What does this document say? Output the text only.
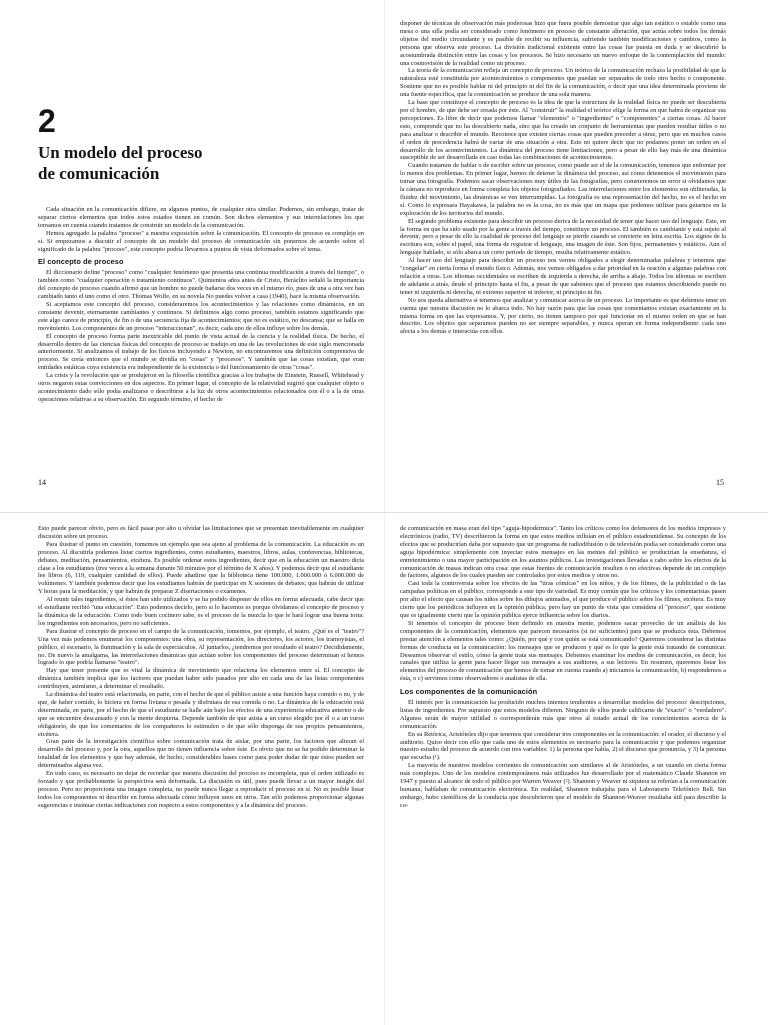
2
Un modelo del proceso
de comunicación

Cada situación en la comunicación difiere, en algunos puntos, de cualquier otra similar. Podemos, sin embargo, tratar de separar ciertos elementos que todos estos estados tienen en común. Son dichos elementos y sus interrelaciones los que tomamos en cuenta cuando tratamos de construir un modelo de la comunicación.

Hemos agregado la palabra "proceso" a nuestra exposición sobre la comunicación. El concepto de proceso es complejo en sí. Si empezamos a discutir el concepto de un modelo del proceso de comunicación sin ponernos de acuerdo sobre el significado de la palabra "proceso", este concepto podría llevarnos a puntos de vista deformados sobre el tema.

El concepto de proceso

El diccionario define "proceso" como "cualquier fenómeno que presenta una continua modificación a través del tiempo", o también como "cualquier operación o tratamiento continuos". Quinientos años antes de Cristo, Heráclito señaló la importancia del concepto de proceso cuando afirmó que un hombre no puede bañarse dos veces en el mismo río, pues de una a otra vez han cambiado tanto el uno como el otro. Thomas Wolfe, en su novela No puedes volver a casa (1940), hace la misma observación.

Si aceptamos este concepto del proceso, consideraremos los acontecimientos y las relaciones como dinámicos, en un constante devenir, eternamente cambiantes y continuos. Si definimos algo como proceso, también estamos significando que este algo carece de principio, de fin o de una secuencia fija de acontecimientos; que no es estático, no descansa; que se halla en movimiento. Los componentes de un proceso "interaccionan", es decir, cada uno de ellos influye sobre los demás.

El concepto de proceso forma parte inextricable del punto de vista actual de la ciencia y la realidad física. De hecho, el desarrollo dentro de las ciencias físicas del concepto de proceso se tradujo en una de las revoluciones de este siglo mencionada anteriormente. Si analizamos el trabajo de los físicos incluyendo a Newton, no encontraremos una definición comprensiva de proceso. Se creía entonces que el mundo se dividía en "cosas" y "procesos". Y también que las cosas existían, que eran entidades estáticas cuya existencia era independiente de la existencia o del funcionamiento de otras "cosas".

La crisis y la revolución que se produjeron en la filosofía científica gracias a los trabajos de Einstein, Russell, Whitehead y otros negaron estas convicciones en dos aspectos. En primer lugar, el concepto de la relatividad sugirió que cualquier objeto o acontecimiento dado sólo podía analizarse o describirse a la luz de otros acontecimientos relacionados con él o a la de otras operaciones relativas a su observación. En segundo término, el hecho de

14

disponer de técnicas de observación más poderosas hizo que fuera posible demostrar que algo tan estático o estable como una mesa o una silla podía ser considerado como fenómeno en proceso de constante alteración, que actúa sobre todos los demás objetos del medio circundante y es pasible de recibir su influencia, sufriendo también modificaciones y cambios, como la persona que observa este proceso. La división tradicional existente entre las cosas fue puesta en duda y se descubrió la acostumbrada distinción entre las cosas y los procesos. Se hizo necesario un nuevo enfoque de la contemplación del mundo: una cosmovisión de la realidad como un proceso.

La teoría de la comunicación refleja un concepto de proceso. Un teórico de la comunicación rechaza la posibilidad de que la naturaleza esté constituida por acontecimientos o componentes que puedan ser separados de todo otro hecho o componente. Sostiene que no es posible hablar ni del principio ni del fin de la comunicación, o decir que una idea determinada proviene de una fuente específica, que la comunicación se produce de una sola manera.

La base que constituye el concepto de proceso es la idea de que la estructura de la realidad física no puede ser descubierta por el hombre, de que debe ser creada por éste. Al "construir" la realidad el teórico elige la forma en que habrá de organizar sus percepciones. Es libre de decir que podemos llamar "elementos" o "ingredientes" o "componentes" a ciertas cosas. Al hacer esto, comprende que no ha descubierto nada, sino que ha creado un conjunto de herramientas que pueden resultar útiles o no para analizar o describir el mundo. Reconoce que existen ciertas cosas que pueden preceder a otras, pero que en muchos casos el orden de precedencia habrá de variar de una situación a otra. Esto no quiere decir que no podamos poner un orden en el desarrollo de los acontecimientos. La dinámica del proceso tiene limitaciones, pero a pesar de ello hay más de una dinámica susceptible de ser desarrollada en casi todas las combinaciones de acontecimientos.

Cuando tratamos de hablar o de escribir sobre un proceso, como puede ser el de la comunicación, tenemos que enfrentar por lo menos dos problemas. En primer lugar, hemos de detener la dinámica del proceso, así como detenemos el movimiento para tomar una fotografía. Podemos sacar observaciones muy útiles de las fotografías, pero cometeremos un error si olvidamos que la cámara no reproduce en forma completa los objetos fotografiados. Las interrelaciones entre los elementos son obliteradas, la fluidez del movimiento, las dinámicas se ven interrumpidas. La fotografía es una representación del hecho, no es el hecho en sí. Como lo expresara Hayakawa, la palabra no es la cosa, no es más que un mapa que podemos utilizar para guiarnos en la exploración de los territorios del mundo.

El segundo problema existente para describir un proceso deriva de la necesidad de tener que hacer uso del lenguaje. Este, en la forma en que ha sido usado por la gente a través del tiempo, constituye un proceso. El también es cambiante y está sujeto al devenir, pero a pesar de ello la cualidad de proceso del lenguaje se pierde cuando se convierte en letra escrita. Los signos de la escritura son, sobre el papel, una forma de registrar el lenguaje, una imagen de éste. Son fijos, permanentes y estáticos. Aun el lenguaje hablado, si sólo abarca un corto período de tiempo, resulta relativamente estático.

Al hacer uso del lenguaje para describir un proceso nos vemos obligados a elegir determinadas palabras y tenemos que "congelar" en cierta forma el mundo físico. Además, nos vemos obligados a dar prioridad en la oración a algunas palabras con relación a otras. Los idiomas occidentales se escriben de izquierda a derecha, de arriba a abajo. Todos los idiomas se escriben de adelante a atrás, desde el principio hasta el fin, a pesar de que sabemos que el proceso que estamos describiendo puede no tener ni izquierda ni derecha, ni extremo superior ni inferior, ni principio ni fin.

No nos queda alternativa si tenemos que analizar y comunicar acerca de un proceso. Lo importante es que debemos tener en cuenta que nuestra discusión no lo abarca todo. No hay razón para que las cosas que comentamos existan exactamente en la misma forma en que las expresamos. Y, por cierto, no tienen tampoco por qué funcionar en el mismo orden en que se han descrito. Los objetos que separamos pueden no ser siempre separables, y nunca operan en forma independiente: cada uno afecta a los demás e interactúa con ellos.

15

Esto puede parecer obvio, pero es fácil pasar por alto u olvidar las limitaciones que se presentan inevitablemente en cualquier discusión sobre un proceso.

Para ilustrar el punto en cuestión, tomemos un ejemplo que sea ajeno al problema de la comunicación. La educación es un proceso. Al discutirla podemos listar ciertos ingredientes, como estudiantes, maestros, libros, aulas, conferencias, bibliotecas, debates, meditación, pensamientos, etcétera. Es posible ordenar estos ingredientes, decir que en la educación un maestro dicta clase a los estudiantes (tres veces a la semana durante 50 minutos por el término de X años). Y podemos decir que el estudiante lee libros (6, 119, cualquier cantidad de ellos). Puede añadirse que la biblioteca tiene 100.000, 1.000.000 ó 6.000.000 de volúmenes. Y también podemos decir que los estudiantes habrán de participar en X sesiones de debates; que habrán de utilizar Y horas para la meditación, y que habrán de preparar Z disertaciones o exámenes.

Al reunir tales ingredientes, si éstos han sido utilizados y se ha podido disponer de ellos en forma adecuada, cabe decir que el estudiante recibió "una educación". Esto podemos decirlo, pero si lo hacemos es porque olvidamos el concepto de proceso y la dinámica de la educación. Como todo buen cocinero sabe, es el proceso de la mezcla lo que le hará lograr una buena torta: los ingredientes son necesarios, pero no suficientes.

Para ilustrar el concepto de proceso en el campo de la comunicación, tomemos, por ejemplo, el teatro. ¿Qué es el "teatro"? Una vez más podemos enumerar los componentes: una obra, su representación, los directores, los actores, los tramoyistas, el público, el escenario, la iluminación y la sala de espectáculos. Al juntarlos, ¿tendremos por resultado el teatro? Decididamente, no. De nuevo la amalgama, las interrelaciones dinámicas que actúan sobre los componentes del proceso determinan si hemos logrado lo que podría llamarse "teatro".

Hay que tener presente que es vital la dinámica de movimiento que relaciona los elementos entre sí. El concepto de dinámica también implica que los factores que puedan haber sido pasados por alto en cada una de las listas componentes contribuyen, asimismo, a determinar el resultado.

La dinámica del teatro está relacionada, en parte, con el hecho de que el público asiste a una función haya comido o no, y de que, de haber comido, lo hiciera en forma liviana o pesada y disfrutara de esa comida o no. La dinámica de la educación está determinada, en parte, por el hecho de que el estudiante se halle aún bajo los efectos de una experiencia educativa anterior o de que se encuentre descansado y con la mente despierta. Depende también de que asista a un curso elegido por él o a un curso obligatorio, de que los comentarios de los compañeros lo estimulen o de que sólo disponga de sus propios pensamientos, etcétera.

Gran parte de la investigación científica sobre comunicación trata de aislar, por una parte, los factores que alteran el desarrollo del proceso y, por la otra, aquellos que no tienen influencia sobre éste. Es obvio que no se ha podido determinar la totalidad de los elementos y que hay además, de hecho, considerables bases como para poder dudar de que éstos pueden ser determinados alguna vez.

En todo caso, es necesario no dejar de recordar que nuestra discusión del proceso es incompleta, que el orden utilizado es forzado y que probablemente la perspectiva será deformada. La discusión es útil, pues puede llevar a un mayor insight del proceso. Pero no proporciona una imagen completa, no puede nunca llegar a reproducir el proceso en sí. No es posible listar todos los componentes ni describir en forma adecuada cómo influyen unos en otros. Tan sólo podemos proporcionar algunas sugerencias e insinuar ciertas indicaciones con respecto a estos componentes y a la dinámica del proceso.

de comunicación en masa eran del tipo "aguja-hipodérmica". Tanto los críticos como los defensores de los medios impresos y electrónicos (radio, TV) describieron la forma en que estos medios influían en el público estadounidense. Su concepto de los efectos que se producirían daba por supuesto que un programa de radiodifusión o de televisión podía ser considerado como una aguja hipodérmica: simplemente con inyectar estos mensajes en las mentes del público se producirían la enseñanza, el entretenimiento o una mayor participación en los asuntos públicos. Las investigaciones llevadas a cabo sobre los efectos de la comunicación de masas indican otra cosa: que estas fuentes de comunicación resulten o no efectivas depende de un complejo de factores, algunos de los cuales pueden ser controlados por estos medios y otros no.

Casi toda la controversia sobre los efectos de las "tiras cómicas" en los niños, y de los filmes, de la publicidad o de las campañas políticas en el público, corresponde a este tipo de variedad. Es muy común que los críticos y los comentaristas pasen por alto el efecto que causan los niños sobre los dibujos animados, el que produce el público sobre los filmes, etcétera. Es muy cierto que los periódicos influyen en la opinión pública, pero hay un punto de vista que considera el "proceso", que sostiene que es igualmente cierto que la opinión pública ejerce influencia sobre los diarios.

Si tenemos el concepto de proceso bien definido en nuestra mente, podemos sacar provecho de un análisis de los componentes de la comunicación, elementos que parecen necesarios (si no suficientes) para que se produzca ésta. Debemos prestar atención a elementos tales como: ¿Quién, por qué y con quién se está comunicando? Queremos considerar las distintas formas de conducta en la comunicación: los mensajes que se producen y qué es lo que la gente está tratando de comunicar. Deseamos observar el estilo, cómo la gente trata sus mensajes. Debemos examinar los medios de comunicación, es decir, los canales que utiliza la gente para hacer llegar sus mensajes a sus auditores, a sus lectores. En resumen, queremos listar los elementos del proceso de comunicación que hemos de tomar en cuenta cuando a) iniciamos la comunicación, b) respondemos a ésta, o c) servimos como observadores o analistas de ella.

Los componentes de la comunicación

El interés por la comunicación ha producido muchos intentos tendientes a desarrollar modelos del proceso: descripciones, listas de ingredientes. Por supuesto que estos modelos difieren. Ninguno de ellos puede calificarse de "exacto" o "verdadero". Algunos serán de mayor utilidad o corresponderán más que otros al estado actual de los conocimientos acerca de la comunicación.

En su Retórica, Aristóteles dijo que tenemos que considerar tres componentes en la comunicación: el orador, el discurso y el auditorio. Quiso decir con ello que cada uno de estos elementos es necesario para la comunicación y que podemos organizar nuestro estudio del proceso de acuerdo con tres variables: 1) la persona que habla, 2) el discurso que pronuncia, y 3) la persona que escucha (¹).

La mayoría de nuestros modelos corrientes de comunicación son similares al de Aristóteles, a un cuando en cierta forma más complejos. Uno de los modelos contemporáneos más utilizados fue desarrollado por el matemático Claude Shannon en 1947 y puesto al alcance de todo el público por Warren Weaver (²). Shannon y Weaver ni siquiera se referían a la comunicación humana; hablaban de comunicación electrónica. En realidad, Shannon trabajaba para el Laboratorio Telefónico Bell. Sin embargo, hubo científicos de la conducta que descubrieron que el modelo de Shannon-Weaver resultaba útil para describir la co-
